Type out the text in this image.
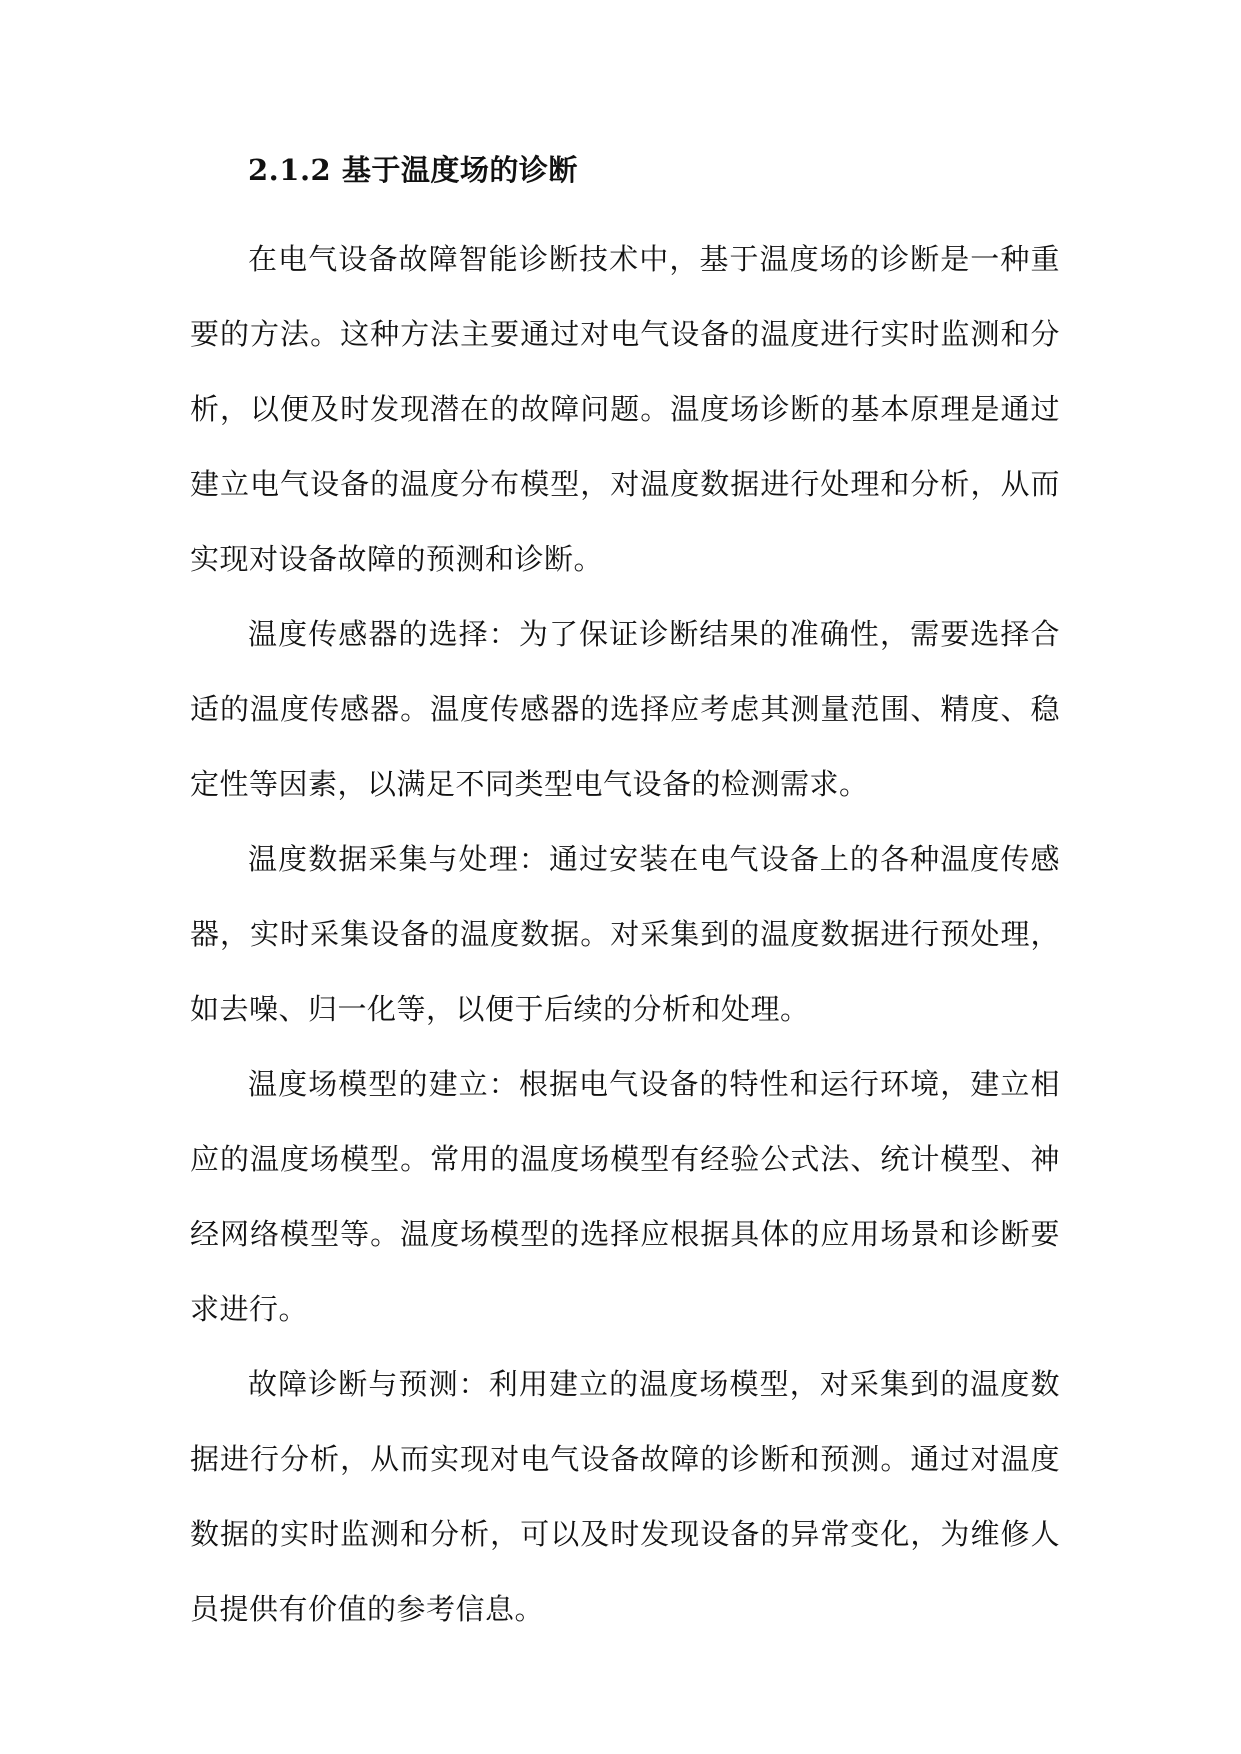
2.1.2 基于温度场的诊断

在电气设备故障智能诊断技术中，基于温度场的诊断是一种重要的方法。这种方法主要通过对电气设备的温度进行实时监测和分析，以便及时发现潜在的故障问题。温度场诊断的基本原理是通过建立电气设备的温度分布模型，对温度数据进行处理和分析，从而实现对设备故障的预测和诊断。

温度传感器的选择：为了保证诊断结果的准确性，需要选择合适的温度传感器。温度传感器的选择应考虑其测量范围、精度、稳定性等因素，以满足不同类型电气设备的检测需求。

温度数据采集与处理：通过安装在电气设备上的各种温度传感器，实时采集设备的温度数据。对采集到的温度数据进行预处理，如去噪、归一化等，以便于后续的分析和处理。

温度场模型的建立：根据电气设备的特性和运行环境，建立相应的温度场模型。常用的温度场模型有经验公式法、统计模型、神经网络模型等。温度场模型的选择应根据具体的应用场景和诊断要求进行。

故障诊断与预测：利用建立的温度场模型，对采集到的温度数据进行分析，从而实现对电气设备故障的诊断和预测。通过对温度数据的实时监测和分析，可以及时发现设备的异常变化，为维修人员提供有价值的参考信息。
